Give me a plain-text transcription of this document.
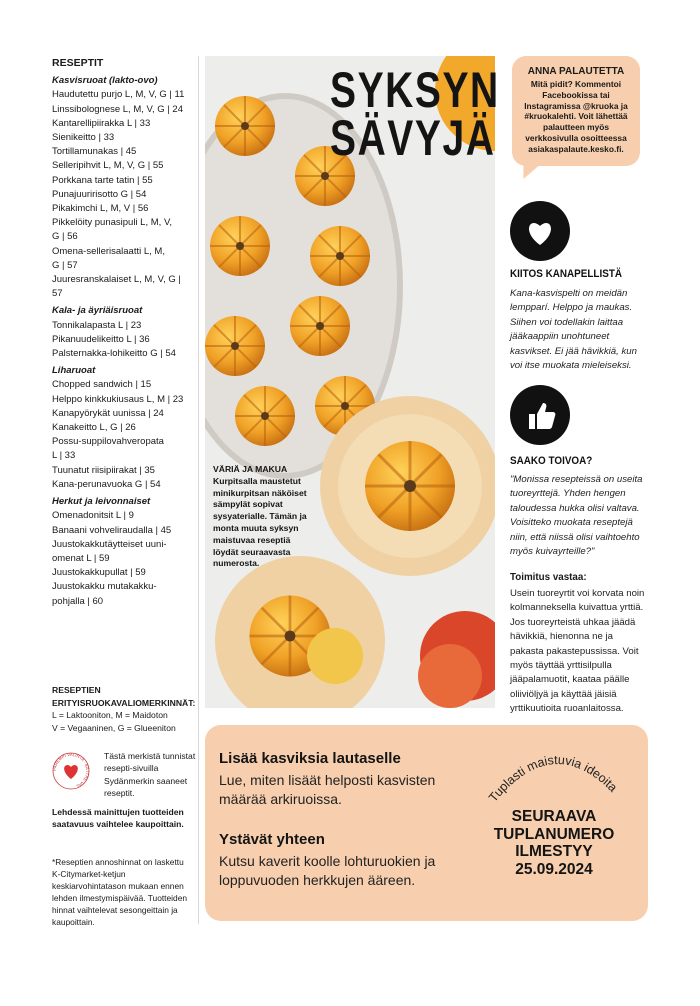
RESEPTIT
Kasvisruoat (lakto-ovo)
Haudutettu purjo L, M, V, G | 11
Linssibolognese L, M, V, G | 24
Kantarellipiirakka L | 33
Sienikeitto | 33
Tortillamunakas | 45
Selleripihvit L, M, V, G | 55
Porkkana tarte tatin | 55
Punajuuririsotto G | 54
Pikakimchi L, M, V | 56
Pikkelöity punasipuli L, M, V,
G | 56
Omena-sellerisalaatti L, M,
G | 57
Juuresranskalaiset L, M, V, G | 57
Kala- ja äyriäisruoat
Tonnikalapasta L | 23
Pikanuudelikeitto L | 36
Palsternakka-lohikeitto G | 54
Liharuoat
Chopped sandwich | 15
Helppo kinkkukiusaus L, M | 23
Kanapyörykät uunissa | 24
Kanakeitto L, G | 26
Possu-suppilovahveropata
L | 33
Tuunatut riisipiirakat | 35
Kana-perunavuoka G | 54
Herkut ja leivonnaiset
Omenadonitsit L | 9
Banaani vohveliraudalla | 45
Juustokakkutäytteiset uuni-
omenat L | 59
Juustokakkupullat | 59
Juustokakku mutakakku-
pohjalla | 60
RESEPTIEN ERITYISRUOKAVALIOMERKINNÄT:
L = Laktooniton, M = Maidoton
V = Vegaaninen, G = Glueeniton
PAREMPI VALINTA · BÄTTRE VAL ·
Tästä merkistä tunnistat resepti-sivuilla Sydänmerkin saaneet reseptit.
Lehdessä mainittujen tuotteiden saatavuus vaihtelee kaupoittain.
*Reseptien annoshinnat on laskettu K-Citymarket-ketjun keskiarvohintatason mukaan ennen lehden ilmestymispäivää. Tuotteiden hinnat vaihtelevat sesongeittain ja kaupoittain.
SYKSYN
SÄVYJÄ
VÄRIÄ JA MAKUA
Kurpitsalla maustetut minikurpitsan näköiset sämpylät sopivat sysyaterialle. Tämän ja monta muuta syksyn maistuvaa reseptiä löydät seuraavasta numerosta.
ANNA PALAUTETTA
Mitä pidit? Kommentoi Facebookissa tai Instagramissa @kruoka ja #kruokalehti. Voit lähettää palautteen myös verkkosivulla osoitteessa asiakaspalaute.kesko.fi.
KIITOS KANAPELLISTÄ
Kana-kasvispelti on meidän lempparí. Helppo ja maukas. Siihen voi todellakin laittaa jääkaappiin unohtuneet kasvikset. Ei jää hävikkiä, kun voi itse muokata mieleiseksi.
SAAKO TOIVOA?
"Monissa resepteissä on useita tuoreyrttejä. Yhden hengen taloudessa hukka olisi valtava. Voisitteko muokata reseptejä niin, että niissä olisi vaihtoehto myös kuivayrteille?"
Toimitus vastaa:
Usein tuoreyrtit voi korvata noin kolmanneksella kuivattua yrttiä. Jos tuoreyrteistä uhkaa jäädä hävikkiä, hienonna ne ja pakasta pakastepussissa. Voit myös täyttää yrttisilpulla jääpalamuotit, kaatаа päälle oliiviöljyä ja käyttää jäisiä yrttikuutioita ruoanlaitossa.
Lisää kasviksia lautaselle
Lue, miten lisäät helposti kasvisten määrää arkiruoissa.
Ystävät yhteen
Kutsu kaverit koolle lohturuokien ja loppuvuoden herkkujen ääreen.
Tuplasti maistuvia ideoita
SEURAAVA
TUPLANUMERO
ILMESTYY
25.09.2024
